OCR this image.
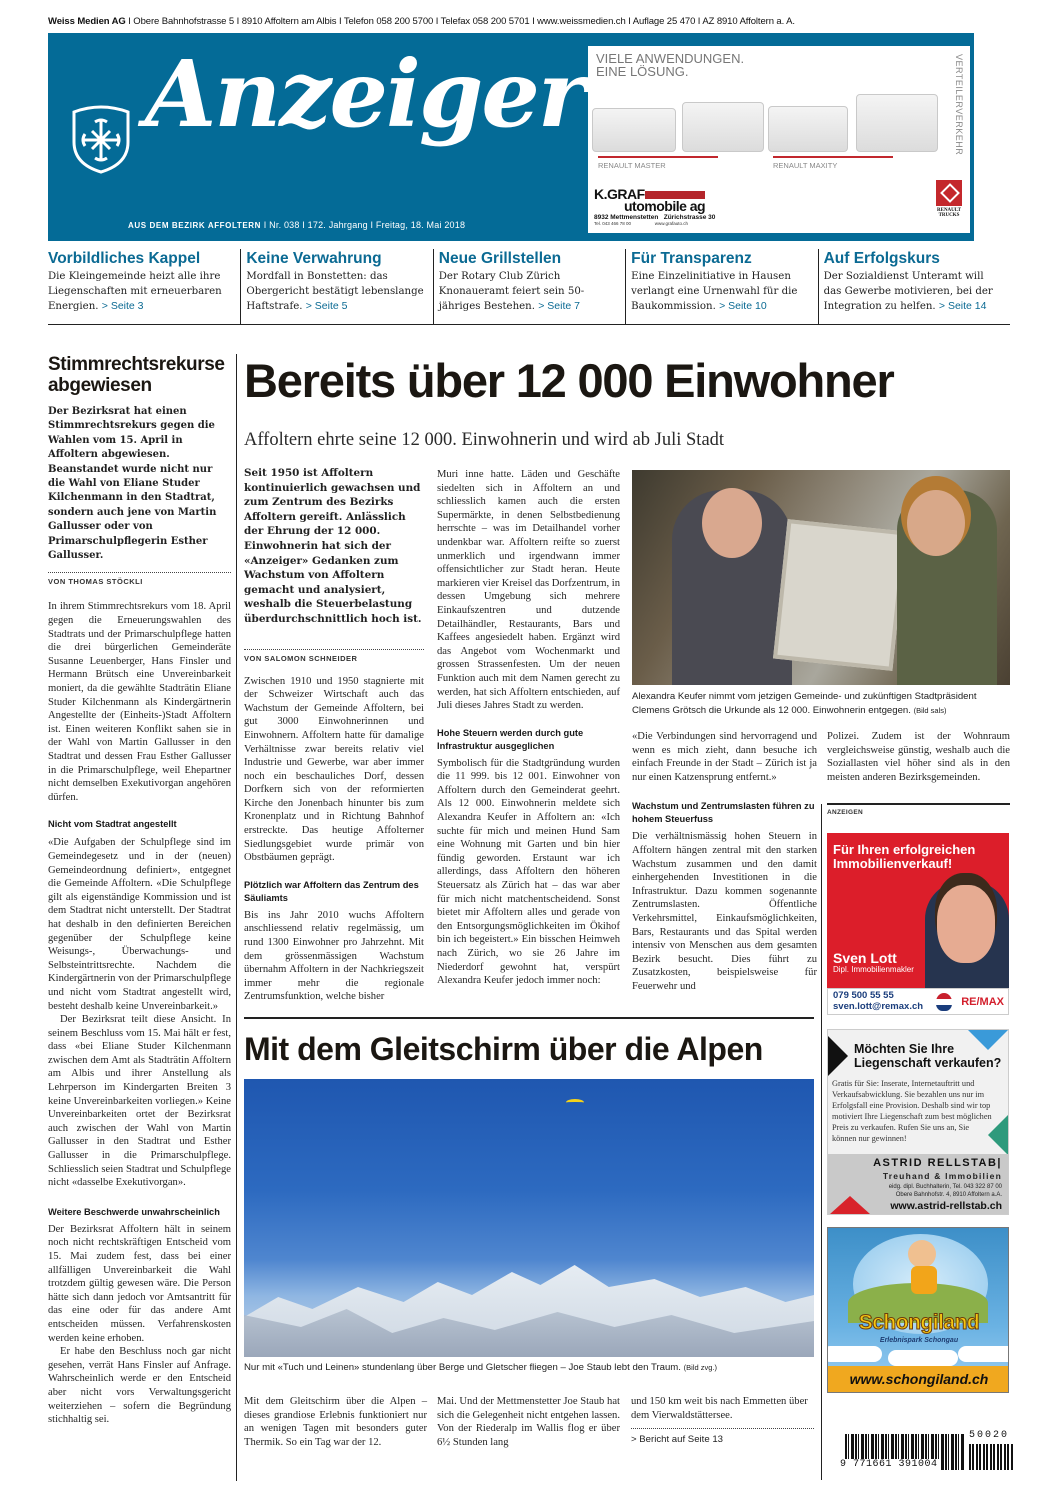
Weiss Medien AG I Obere Bahnhofstrasse 5 I 8910 Affoltern am Albis I Telefon 058 200 5700 I Telefax 058 200 5701 I www.weissmedien.ch I Auflage 25 470 I AZ 8910 Affoltern a. A.
Anzeiger
AUS DEM BEZIRK AFFOLTERN I Nr. 038 I 172. Jahrgang I Freitag, 18. Mai 2018
VIELE ANWENDUNGEN.
EINE LÖSUNG.	VERTEILERVERKEHR
RENAULT MASTER	RENAULT MAXITY
K.GRAF
utomobile ag
8932 Mettmenstetten Zürichstrasse 30
Tel. 043 466 78 00	www.grafauto.ch
RENAULT TRUCKS
Vorbildliches Kappel

Die Kleingemeinde heizt alle ihre Liegenschaften mit erneuerbaren Energien. > Seite 3

Keine Verwahrung

Mordfall in Bonstetten: das Obergericht bestätigt lebenslange Haftstrafe. > Seite 5

Neue Grillstellen

Der Rotary Club Zürich Knonaueramt feiert sein 50-jähriges Bestehen. > Seite 7

Für Transparenz

Eine Einzelinitiative in Hausen verlangt eine Urnenwahl für die Baukommission. > Seite 10

Auf Erfolgskurs

Der Sozialdienst Unteramt will das Gewerbe motivieren, bei der Integration zu helfen. > Seite 14

Stimmrechtsrekurse abgewiesen

Der Bezirksrat hat einen Stimmrechtsrekurs gegen die Wahlen vom 15. April in Affoltern abgewiesen. Beanstandet wurde nicht nur die Wahl von Eliane Studer Kilchenmann in den Stadtrat, sondern auch jene von Martin Gallusser oder von Primarschulpflegerin Esther Gallusser.

VON THOMAS STÖCKLI

In ihrem Stimmrechtsrekurs vom 18. April gegen die Erneuerungswahlen des Stadtrats und der Primarschulpflege hatten die drei bürgerlichen Gemeinderäte Susanne Leuenberger, Hans Finsler und Hermann Brütsch eine Unvereinbarkeit moniert, da die gewählte Stadträtin Eliane Studer Kilchenmann als Kindergärtnerin Angestellte der (Einheits-)Stadt Affoltern ist. Einen weiteren Konflikt sahen sie in der Wahl von Martin Gallusser in den Stadtrat und dessen Frau Esther Gallusser in die Primarschulpflege, weil Ehepartner nicht demselben Exekutivorgan angehören dürfen.

Nicht vom Stadtrat angestellt

«Die Aufgaben der Schulpflege sind im Gemeindegesetz und in der (neuen) Gemeindeordnung definiert», entgegnet die Gemeinde Affoltern. «Die Schulpflege gilt als eigenständige Kommission und ist dem Stadtrat nicht unterstellt. Der Stadtrat hat deshalb in den definierten Bereichen gegenüber der Schulpflege keine Weisungs-, Überwachungs- und Selbsteintrittsrechte. Nachdem die Kindergärtnerin von der Primarschulpflege und nicht vom Stadtrat angestellt wird, besteht deshalb keine Unvereinbarkeit.»

Der Bezirksrat teilt diese Ansicht. In seinem Beschluss vom 15. Mai hält er fest, dass «bei Eliane Studer Kilchenmann zwischen dem Amt als Stadträtin Affoltern am Albis und ihrer Anstellung als Lehrperson im Kindergarten Breiten 3 keine Unvereinbarkeiten vorliegen.» Keine Unvereinbarkeiten ortet der Bezirksrat auch zwischen der Wahl von Martin Gallusser in den Stadtrat und Esther Gallusser in die Primarschulpflege. Schliesslich seien Stadtrat und Schulpflege nicht «dasselbe Exekutivorgan».

Weitere Beschwerde unwahrscheinlich

Der Bezirksrat Affoltern hält in seinem noch nicht rechtskräftigen Entscheid vom 15. Mai zudem fest, dass bei einer allfälligen Unvereinbarkeit die Wahl trotzdem gültig gewesen wäre. Die Person hätte sich dann jedoch vor Amtsantritt für das eine oder für das andere Amt entscheiden müssen. Verfahrenskosten werden keine erhoben.

Er habe den Beschluss noch gar nicht gesehen, verrät Hans Finsler auf Anfrage. Wahrscheinlich werde er den Entscheid aber nicht vors Verwaltungsgericht weiterziehen – sofern die Begründung stichhaltig sei.

Bereits über 12 000 Einwohner
Affoltern ehrte seine 12 000. Einwohnerin und wird ab Juli Stadt

Seit 1950 ist Affoltern kontinuierlich gewachsen und zum Zentrum des Bezirks Affoltern gereift. Anlässlich der Ehrung der 12 000. Einwohnerin hat sich der «Anzeiger» Gedanken zum Wachstum von Affoltern gemacht und analysiert, weshalb die Steuerbelastung überdurchschnittlich hoch ist.

VON SALOMON SCHNEIDER

Zwischen 1910 und 1950 stagnierte mit der Schweizer Wirtschaft auch das Wachstum der Gemeinde Affoltern, bei gut 3000 Einwohnerinnen und Einwohnern. Affoltern hatte für damalige Verhältnisse zwar bereits relativ viel Industrie und Gewerbe, war aber immer noch ein beschauliches Dorf, dessen Dorfkern sich von der reformierten Kirche den Jonenbach hinunter bis zum Kronenplatz und in Richtung Bahnhof erstreckte. Das heutige Affolterner Siedlungsgebiet wurde primär von Obstbäumen geprägt.

Plötzlich war Affoltern das Zentrum des Säuliamts

Bis ins Jahr 2010 wuchs Affoltern anschliessend relativ regelmässig, um rund 1300 Einwohner pro Jahrzehnt. Mit dem grössenmässigen Wachstum übernahm Affoltern in der Nachkriegszeit immer mehr die regionale Zentrumsfunktion, welche bisher

Muri inne hatte. Läden und Geschäfte siedelten sich in Affoltern an und schliesslich kamen auch die ersten Supermärkte, in denen Selbstbedienung herrschte – was im Detailhandel vorher undenkbar war. Affoltern reifte so zuerst unmerklich und irgendwann immer offensichtlicher zur Stadt heran. Heute markieren vier Kreisel das Dorfzentrum, in dessen Umgebung sich mehrere Einkaufszentren und dutzende Detailhändler, Restaurants, Bars und Kaffees angesiedelt haben. Ergänzt wird das Angebot vom Wochenmarkt und grossen Strassenfesten. Um der neuen Funktion auch mit dem Namen gerecht zu werden, hat sich Affoltern entschieden, auf Juli dieses Jahres Stadt zu werden.

Hohe Steuern werden durch gute Infrastruktur ausgeglichen

Symbolisch für die Stadtgründung wurden die 11 999. bis 12 001. Einwohner von Affoltern durch den Gemeinderat geehrt. Als 12 000. Einwohnerin meldete sich Alexandra Keufer in Affoltern an: «Ich suchte für mich und meinen Hund Sam eine Wohnung mit Garten und bin hier fündig geworden. Erstaunt war ich allerdings, dass Affoltern den höheren Steuersatz als Zürich hat – das war aber für mich nicht matchentscheidend. Sonst bietet mir Affoltern alles und gerade von den Entsorgungsmöglichkeiten im Ökihof bin ich begeistert.» Ein bisschen Heimweh nach Zürich, wo sie 26 Jahre im Niederdorf gewohnt hat, verspürt Alexandra Keufer jedoch immer noch:

Alexandra Keufer nimmt vom jetzigen Gemeinde- und zukünftigen Stadtpräsident Clemens Grötsch die Urkunde als 12 000. Einwohnerin entgegen. (Bild sals)

«Die Verbindungen sind hervorragend und wenn es mich zieht, dann besuche ich einfach Freunde in der Stadt – Zürich ist ja nur einen Katzensprung entfernt.»

Wachstum und Zentrumslasten führen zu hohem Steuerfuss

Die verhältnismässig hohen Steuern in Affoltern hängen zentral mit den starken Wachstum zusammen und den damit einhergehenden Investitionen in die Infrastruktur. Dazu kommen sogenannte Zentrumslasten. Öffentliche Verkehrsmittel, Einkaufsmöglichkeiten, Bars, Restaurants und das Spital werden intensiv von Menschen aus dem gesamten Bezirk besucht. Dies führt zu Zusatzkosten, beispielsweise für Feuerwehr und

Polizei. Zudem ist der Wohnraum vergleichsweise günstig, weshalb auch die Soziallasten viel höher sind als in den meisten anderen Bezirksgemeinden.

ANZEIGEN
Für Ihren erfolgreichen Immobilienverkauf!
Sven Lott
Dipl. Immobilienmakler
079 500 55 55
sven.lott@remax.ch	RE/MAX
Möchten Sie Ihre Liegenschaft verkaufen?
Gratis für Sie: Inserate, Internetauftritt und Verkaufsabwicklung. Sie bezahlen uns nur im Erfolgsfall eine Provision. Deshalb sind wir top motiviert Ihre Liegenschaft zum best möglichen Preis zu verkaufen. Rufen Sie uns an, Sie können nur gewinnen!
ASTRID RELLSTAB|
Treuhand & Immobilien
eidg. dipl. Buchhalterin, Tel. 043 322 87 00
Obere Bahnhofstr. 4, 8910 Affoltern a.A.
www.astrid-rellstab.ch
Schongiland
Erlebnispark Schongau
www.schongiland.ch
Mit dem Gleitschirm über die Alpen
Nur mit «Tuch und Leinen» stundenlang über Berge und Gletscher fliegen – Joe Staub lebt den Traum. (Bild zvg.)

Mit dem Gleitschirm über die Alpen – dieses grandiose Erlebnis funktioniert nur an wenigen Tagen mit besonders guter Thermik. So ein Tag war der 12.

Mai. Und der Mettmenstetter Joe Staub hat sich die Gelegenheit nicht entgehen lassen. Von der Riederalp im Wallis flog er über 6½ Stunden lang

und 150 km weit bis nach Emmetten über dem Vierwaldstättersee.

> Bericht auf Seite 13
9 771661 391004
50020
